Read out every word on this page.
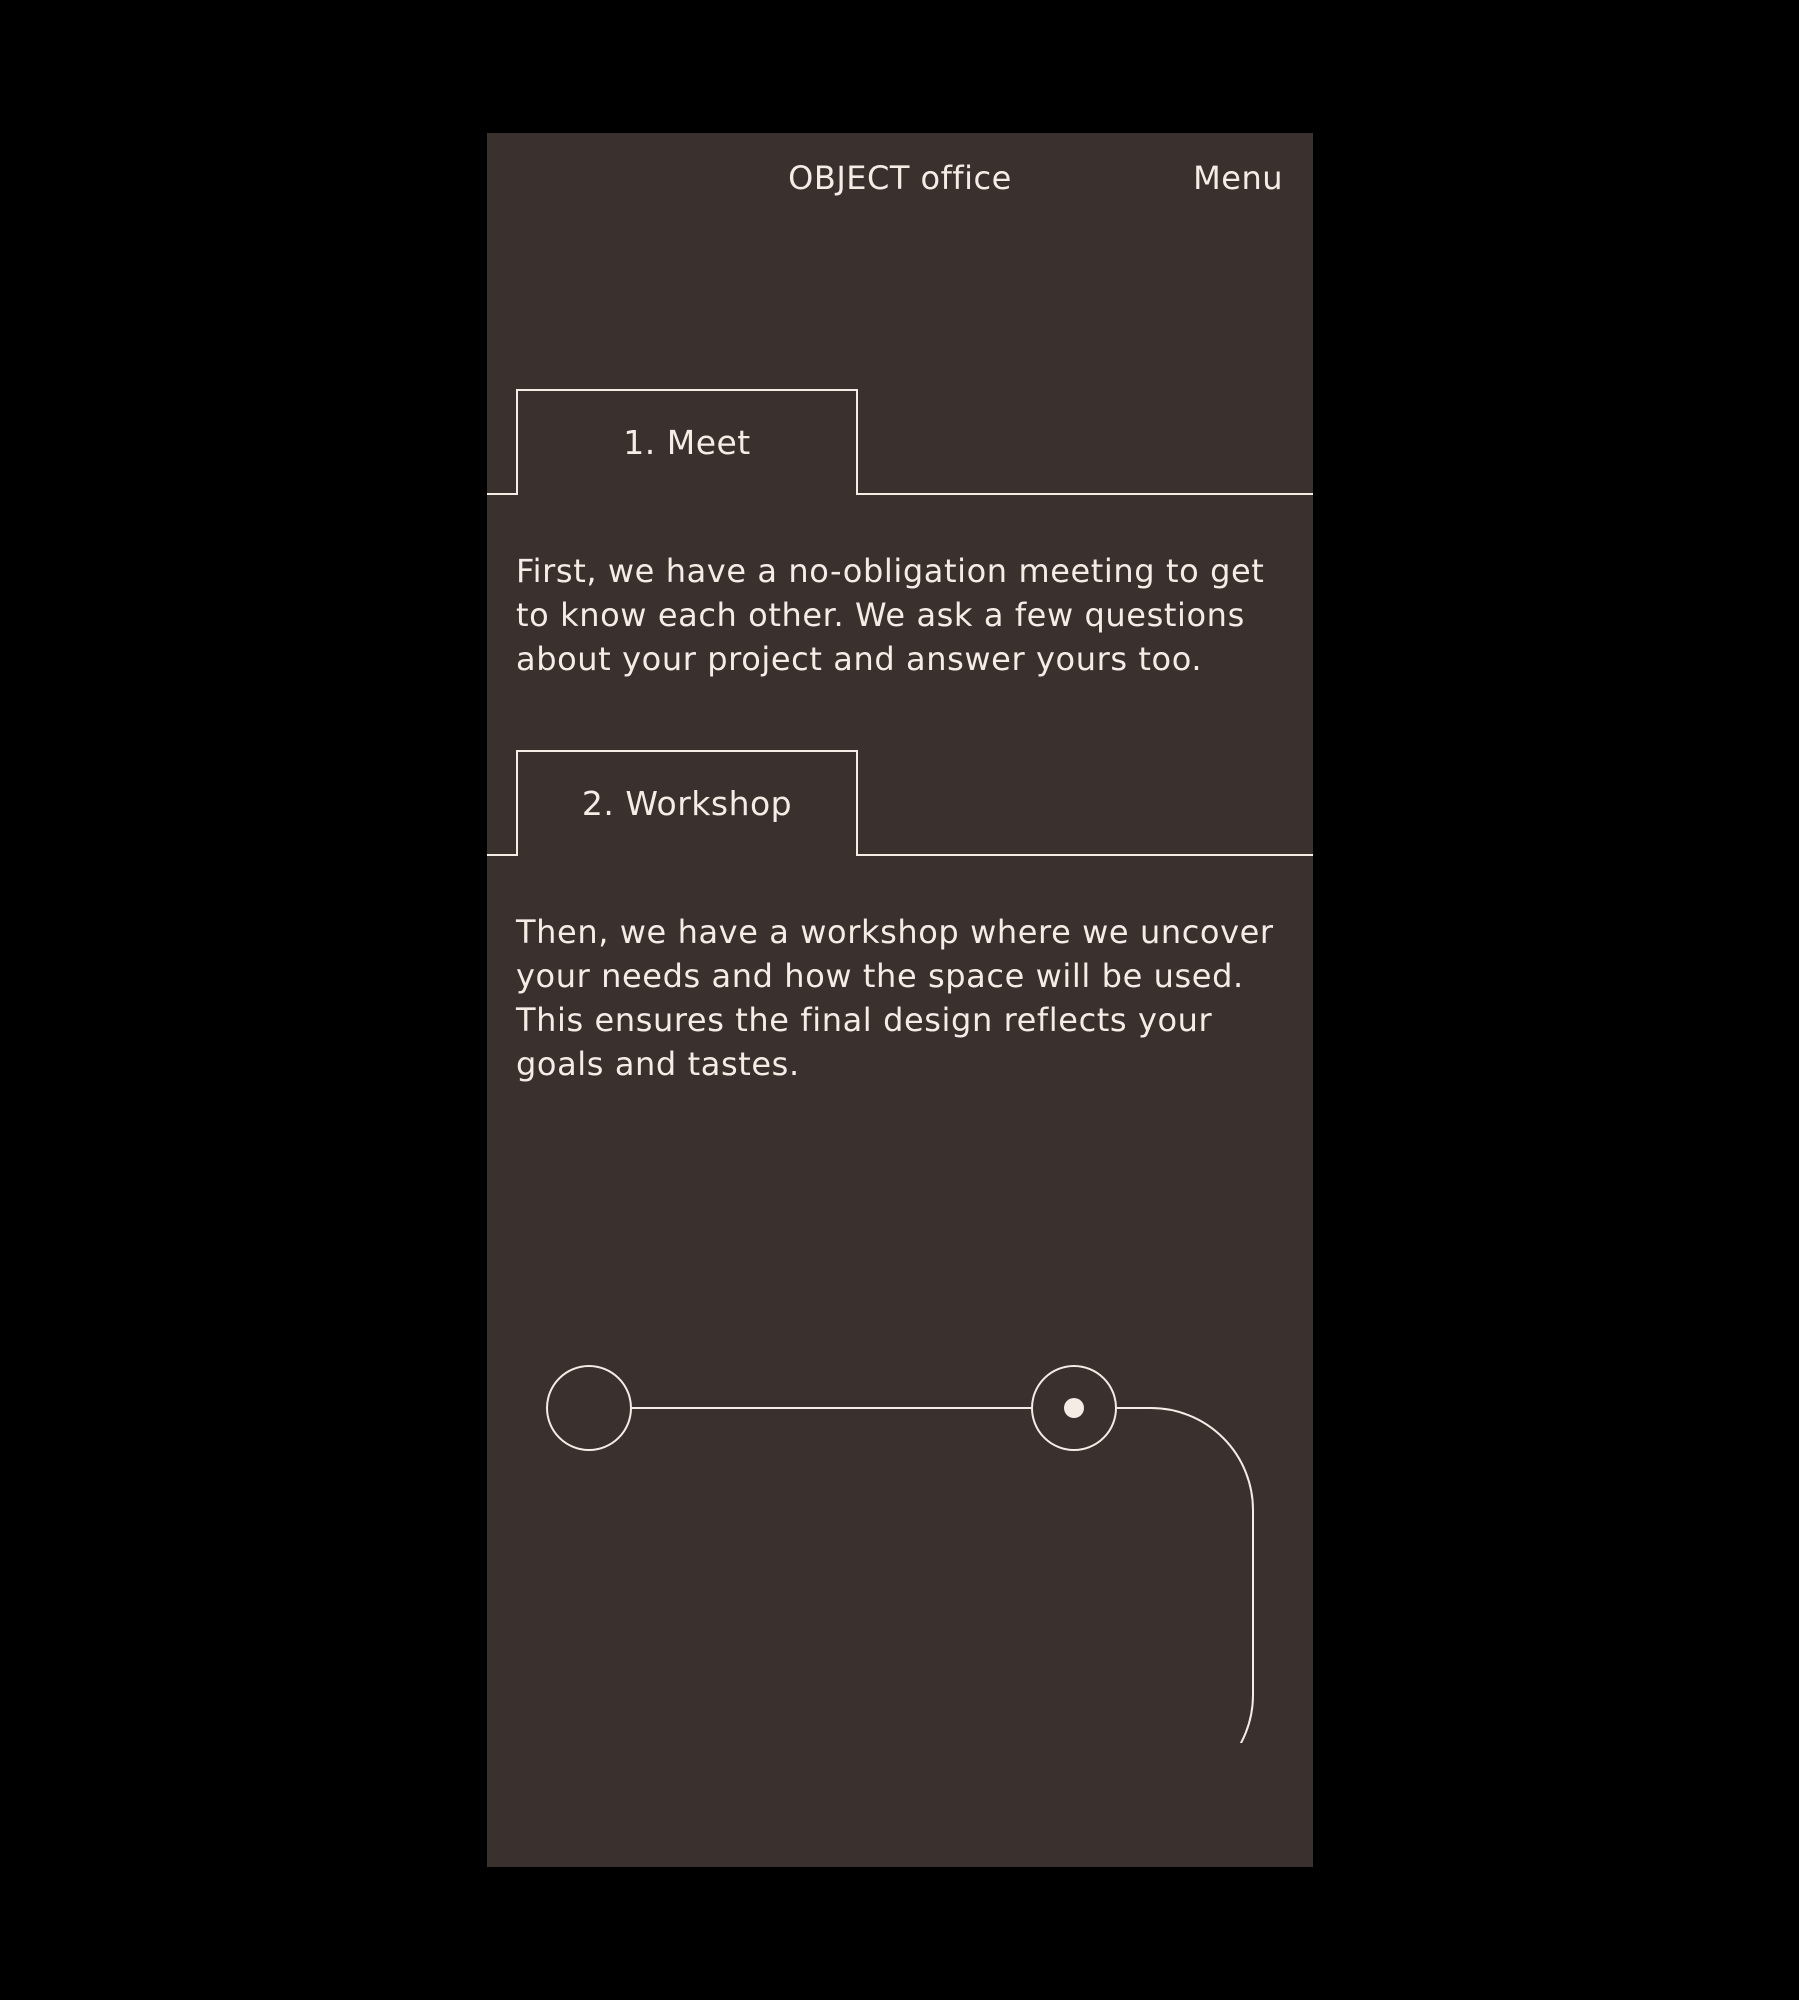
OBJECT office	Menu
1. Meet

First, we have a no-obligation meeting to get to know each other. We ask a few questions about your project and answer yours too.

2. Workshop

Then, we have a workshop where we uncover your needs and how the space will be used. This ensures the final design reflects your goals and tastes.
